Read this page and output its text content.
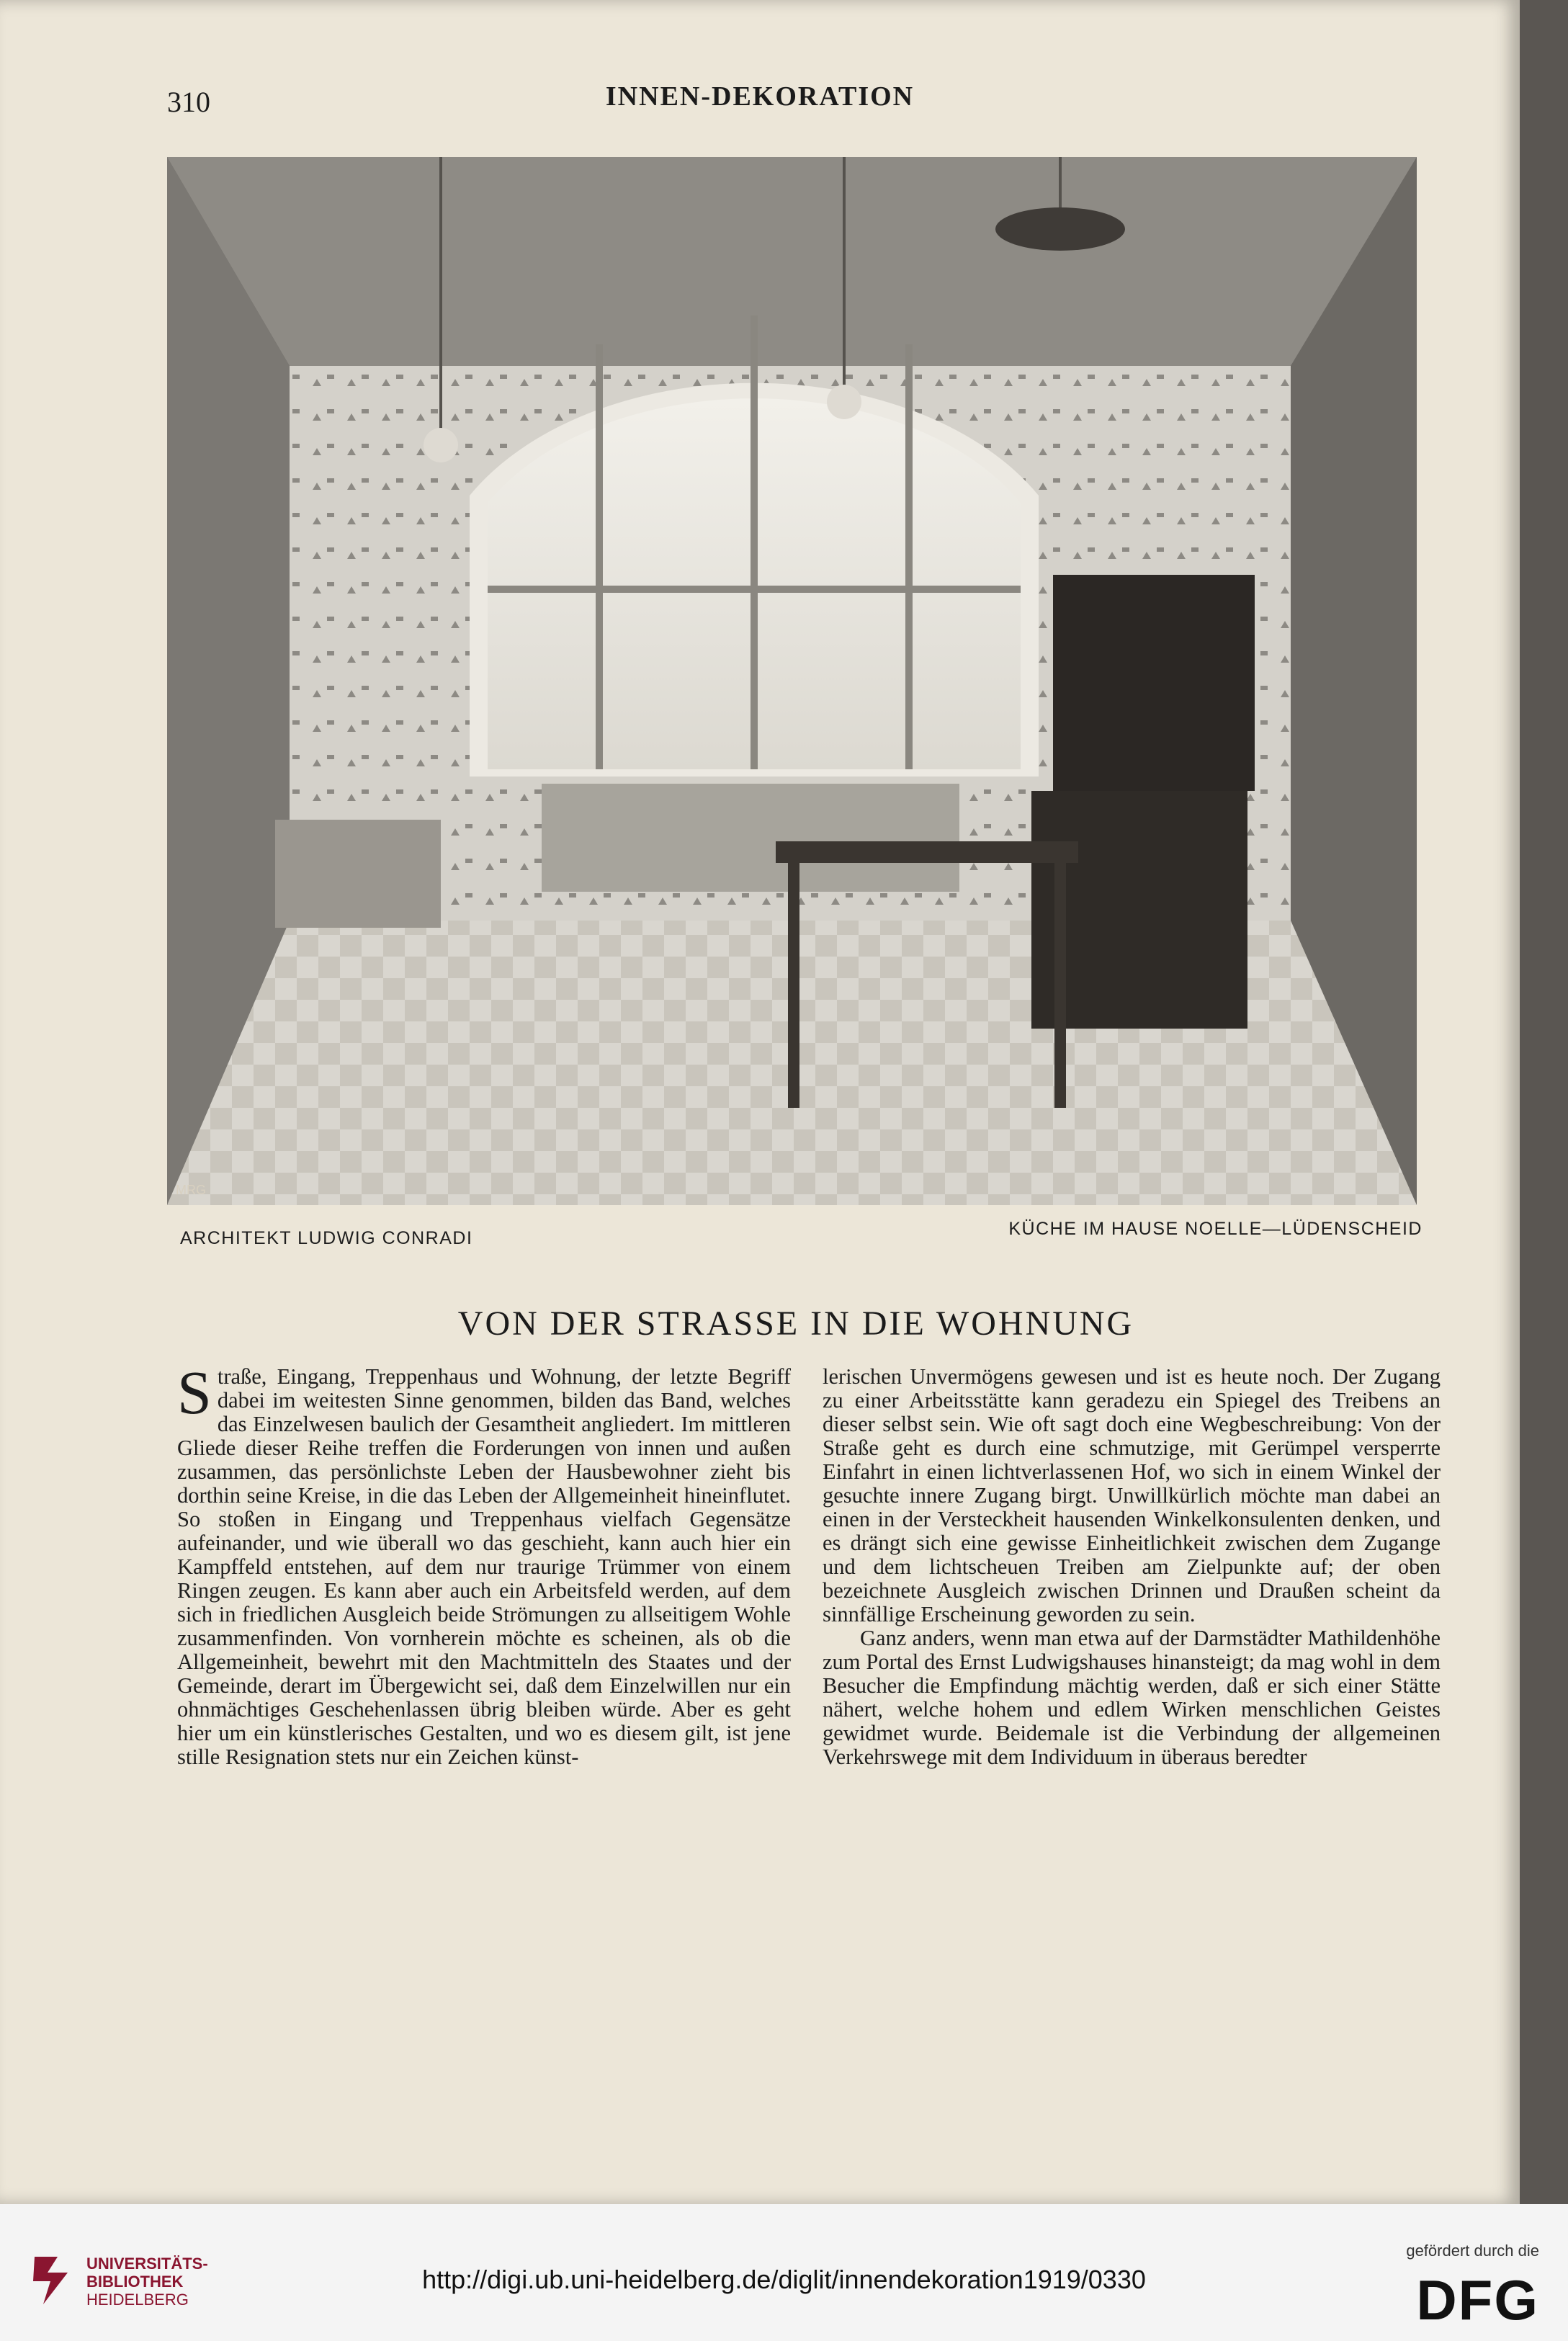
310	INNEN-DEKORATION
MRG
ARCHITEKT LUDWIG CONRADI	KÜCHE IM HAUSE NOELLE—LÜDENSCHEID
VON DER STRASSE IN DIE WOHNUNG

Straße, Eingang, Treppenhaus und Wohnung, der letzte Begriff dabei im weitesten Sinne genommen, bilden das Band, welches das Einzelwesen baulich der Gesamtheit angliedert. Im mittleren Gliede dieser Reihe treffen die Forderungen von innen und außen zusammen, das persönlichste Leben der Hausbewohner zieht bis dorthin seine Kreise, in die das Leben der Allgemeinheit hineinflutet. So stoßen in Eingang und Treppenhaus vielfach Gegensätze aufeinander, und wie überall wo das geschieht, kann auch hier ein Kampffeld entstehen, auf dem nur traurige Trümmer von einem Ringen zeugen. Es kann aber auch ein Arbeitsfeld werden, auf dem sich in friedlichen Ausgleich beide Strömungen zu allseitigem Wohle zusammenfinden. Von vornherein möchte es scheinen, als ob die Allgemeinheit, bewehrt mit den Machtmitteln des Staates und der Gemeinde, derart im Übergewicht sei, daß dem Einzelwillen nur ein ohnmächtiges Geschehenlassen übrig bleiben würde. Aber es geht hier um ein künstlerisches Gestalten, und wo es diesem gilt, ist jene stille Resignation stets nur ein Zeichen künst-

lerischen Unvermögens gewesen und ist es heute noch. Der Zugang zu einer Arbeitsstätte kann geradezu ein Spiegel des Treibens an dieser selbst sein. Wie oft sagt doch eine Wegbeschreibung: Von der Straße geht es durch eine schmutzige, mit Gerümpel versperrte Einfahrt in einen lichtverlassenen Hof, wo sich in einem Winkel der gesuchte innere Zugang birgt. Unwillkürlich möchte man dabei an einen in der Versteckheit hausenden Winkelkonsulenten denken, und es drängt sich eine gewisse Einheitlichkeit zwischen dem Zugange und dem lichtscheuen Treiben am Zielpunkte auf; der oben bezeichnete Ausgleich zwischen Drinnen und Draußen scheint da sinnfällige Erscheinung geworden zu sein.

Ganz anders, wenn man etwa auf der Darmstädter Mathildenhöhe zum Portal des Ernst Ludwigshauses hinansteigt; da mag wohl in dem Besucher die Empfindung mächtig werden, daß er sich einer Stätte nähert, welche hohem und edlem Wirken menschlichen Geistes gewidmet wurde. Beidemale ist die Verbindung der allgemeinen Verkehrswege mit dem Individuum in überaus beredter

UNIVERSITÄTS-
BIBLIOTHEK
HEIDELBERG
http://digi.ub.uni-heidelberg.de/diglit/innendekoration1919/0330
gefördert durch die
DFG
